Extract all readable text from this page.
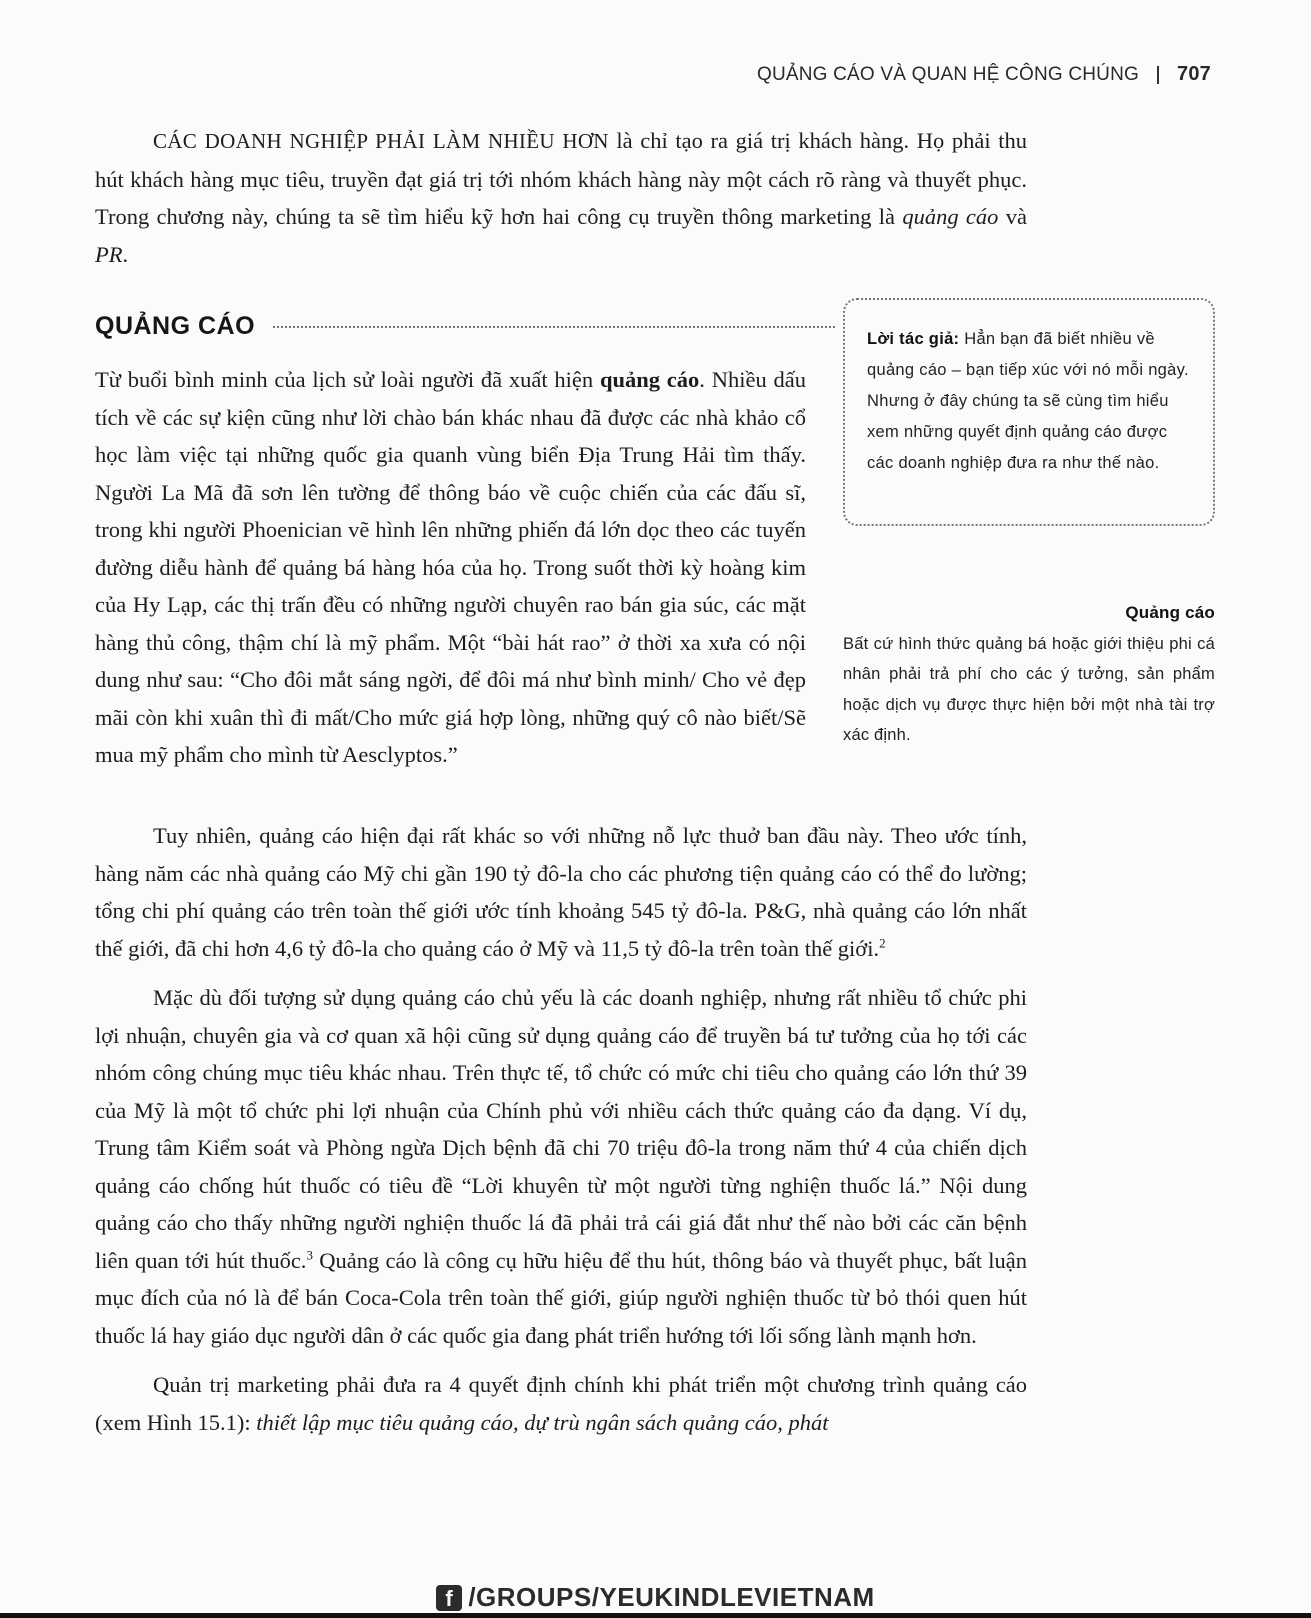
QUẢNG CÁO VÀ QUAN HỆ CÔNG CHÚNG 707

CÁC DOANH NGHIỆP PHẢI LÀM NHIỀU HƠN là chỉ tạo ra giá trị khách hàng. Họ phải thu hút khách hàng mục tiêu, truyền đạt giá trị tới nhóm khách hàng này một cách rõ ràng và thuyết phục. Trong chương này, chúng ta sẽ tìm hiểu kỹ hơn hai công cụ truyền thông marketing là quảng cáo và PR.

QUẢNG CÁO

Từ buổi bình minh của lịch sử loài người đã xuất hiện quảng cáo. Nhiều dấu tích về các sự kiện cũng như lời chào bán khác nhau đã được các nhà khảo cổ học làm việc tại những quốc gia quanh vùng biển Địa Trung Hải tìm thấy. Người La Mã đã sơn lên tường để thông báo về cuộc chiến của các đấu sĩ, trong khi người Phoenician vẽ hình lên những phiến đá lớn dọc theo các tuyến đường diễu hành để quảng bá hàng hóa của họ. Trong suốt thời kỳ hoàng kim của Hy Lạp, các thị trấn đều có những người chuyên rao bán gia súc, các mặt hàng thủ công, thậm chí là mỹ phẩm. Một “bài hát rao” ở thời xa xưa có nội dung như sau: “Cho đôi mắt sáng ngời, để đôi má như bình minh/ Cho vẻ đẹp mãi còn khi xuân thì đi mất/Cho mức giá hợp lòng, những quý cô nào biết/Sẽ mua mỹ phẩm cho mình từ Aesclyptos.”

Lời tác giả: Hẳn bạn đã biết nhiều về quảng cáo – bạn tiếp xúc với nó mỗi ngày. Nhưng ở đây chúng ta sẽ cùng tìm hiểu xem những quyết định quảng cáo được các doanh nghiệp đưa ra như thế nào.
Quảng cáo
Bất cứ hình thức quảng bá hoặc giới thiệu phi cá nhân phải trả phí cho các ý tưởng, sản phẩm hoặc dịch vụ được thực hiện bởi một nhà tài trợ xác định.

Tuy nhiên, quảng cáo hiện đại rất khác so với những nỗ lực thuở ban đầu này. Theo ước tính, hàng năm các nhà quảng cáo Mỹ chi gần 190 tỷ đô-la cho các phương tiện quảng cáo có thể đo lường; tổng chi phí quảng cáo trên toàn thế giới ước tính khoảng 545 tỷ đô-la. P&G, nhà quảng cáo lớn nhất thế giới, đã chi hơn 4,6 tỷ đô-la cho quảng cáo ở Mỹ và 11,5 tỷ đô-la trên toàn thế giới.$^2$

Mặc dù đối tượng sử dụng quảng cáo chủ yếu là các doanh nghiệp, nhưng rất nhiều tổ chức phi lợi nhuận, chuyên gia và cơ quan xã hội cũng sử dụng quảng cáo để truyền bá tư tưởng của họ tới các nhóm công chúng mục tiêu khác nhau. Trên thực tế, tổ chức có mức chi tiêu cho quảng cáo lớn thứ 39 của Mỹ là một tổ chức phi lợi nhuận của Chính phủ với nhiều cách thức quảng cáo đa dạng. Ví dụ, Trung tâm Kiểm soát và Phòng ngừa Dịch bệnh đã chi 70 triệu đô-la trong năm thứ 4 của chiến dịch quảng cáo chống hút thuốc có tiêu đề “Lời khuyên từ một người từng nghiện thuốc lá.” Nội dung quảng cáo cho thấy những người nghiện thuốc lá đã phải trả cái giá đắt như thế nào bởi các căn bệnh liên quan tới hút thuốc.$^3$ Quảng cáo là công cụ hữu hiệu để thu hút, thông báo và thuyết phục, bất luận mục đích của nó là để bán Coca-Cola trên toàn thế giới, giúp người nghiện thuốc từ bỏ thói quen hút thuốc lá hay giáo dục người dân ở các quốc gia đang phát triển hướng tới lối sống lành mạnh hơn.

Quản trị marketing phải đưa ra 4 quyết định chính khi phát triển một chương trình quảng cáo (xem Hình 15.1): thiết lập mục tiêu quảng cáo, dự trù ngân sách quảng cáo, phát

f /GROUPS/YEUKINDLEVIETNAM
